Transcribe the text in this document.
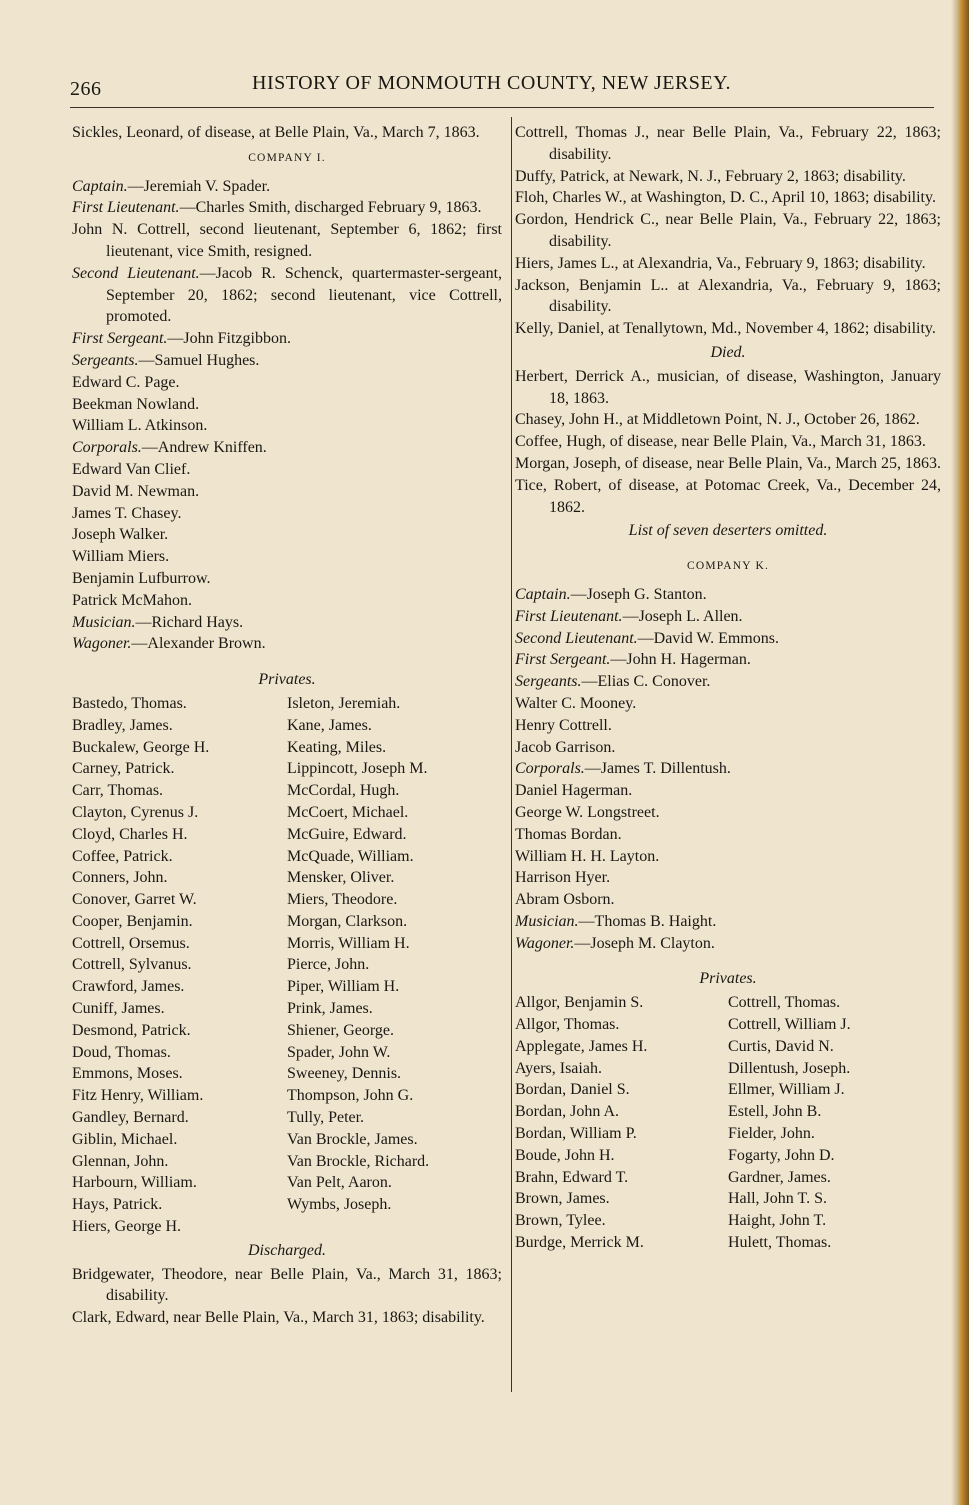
266	HISTORY OF MONMOUTH COUNTY, NEW JERSEY.

Sickles, Leonard, of disease, at Belle Plain, Va., March 7, 1863.

COMPANY I.

Captain.—Jeremiah V. Spader.

First Lieutenant.—Charles Smith, discharged February 9, 1863.

John N. Cottrell, second lieutenant, September 6, 1862; first lieutenant, vice Smith, resigned.

Second Lieutenant.—Jacob R. Schenck, quartermaster-sergeant, September 20, 1862; second lieutenant, vice Cottrell, promoted.

First Sergeant.—John Fitzgibbon.

Sergeants.—Samuel Hughes.

Edward C. Page.

Beekman Nowland.

William L. Atkinson.

Corporals.—Andrew Kniffen.

Edward Van Clief.

David M. Newman.

James T. Chasey.

Joseph Walker.

William Miers.

Benjamin Lufburrow.

Patrick McMahon.

Musician.—Richard Hays.

Wagoner.—Alexander Brown.

Privates.

Bastedo, Thomas.
Bradley, James.
Buckalew, George H.
Carney, Patrick.
Carr, Thomas.
Clayton, Cyrenus J.
Cloyd, Charles H.
Coffee, Patrick.
Conners, John.
Conover, Garret W.
Cooper, Benjamin.
Cottrell, Orsemus.
Cottrell, Sylvanus.
Crawford, James.
Cuniff, James.
Desmond, Patrick.
Doud, Thomas.
Emmons, Moses.
Fitz Henry, William.
Gandley, Bernard.
Giblin, Michael.
Glennan, John.
Harbourn, William.
Hays, Patrick.
Hiers, George H.
Isleton, Jeremiah.
Kane, James.
Keating, Miles.
Lippincott, Joseph M.
McCordal, Hugh.
McCoert, Michael.
McGuire, Edward.
McQuade, William.
Mensker, Oliver.
Miers, Theodore.
Morgan, Clarkson.
Morris, William H.
Pierce, John.
Piper, William H.
Prink, James.
Shiener, George.
Spader, John W.
Sweeney, Dennis.
Thompson, John G.
Tully, Peter.
Van Brockle, James.
Van Brockle, Richard.
Van Pelt, Aaron.
Wymbs, Joseph.

Discharged.

Bridgewater, Theodore, near Belle Plain, Va., March 31, 1863; disability.
Clark, Edward, near Belle Plain, Va., March 31, 1863; disability.
Cottrell, Thomas J., near Belle Plain, Va., February 22, 1863; disability.
Duffy, Patrick, at Newark, N. J., February 2, 1863; disability.
Floh, Charles W., at Washington, D. C., April 10, 1863; disability.
Gordon, Hendrick C., near Belle Plain, Va., February 22, 1863; disability.
Hiers, James L., at Alexandria, Va., February 9, 1863; disability.
Jackson, Benjamin L.. at Alexandria, Va., February 9, 1863; disability.
Kelly, Daniel, at Tenallytown, Md., November 4, 1862; disability.

Died.

Herbert, Derrick A., musician, of disease, Washington, January 18, 1863.
Chasey, John H., at Middletown Point, N. J., October 26, 1862.
Coffee, Hugh, of disease, near Belle Plain, Va., March 31, 1863.
Morgan, Joseph, of disease, near Belle Plain, Va., March 25, 1863.
Tice, Robert, of disease, at Potomac Creek, Va., December 24, 1862.

List of seven deserters omitted.

COMPANY K.

Captain.—Joseph G. Stanton.

First Lieutenant.—Joseph L. Allen.

Second Lieutenant.—David W. Emmons.

First Sergeant.—John H. Hagerman.

Sergeants.—Elias C. Conover.

Walter C. Mooney.

Henry Cottrell.

Jacob Garrison.

Corporals.—James T. Dillentush.

Daniel Hagerman.

George W. Longstreet.

Thomas Bordan.

William H. H. Layton.

Harrison Hyer.

Abram Osborn.

Musician.—Thomas B. Haight.

Wagoner.—Joseph M. Clayton.

Privates.

Allgor, Benjamin S.
Allgor, Thomas.
Applegate, James H.
Ayers, Isaiah.
Bordan, Daniel S.
Bordan, John A.
Bordan, William P.
Boude, John H.
Brahn, Edward T.
Brown, James.
Brown, Tylee.
Burdge, Merrick M.
Cottrell, Thomas.
Cottrell, William J.
Curtis, David N.
Dillentush, Joseph.
Ellmer, William J.
Estell, John B.
Fielder, John.
Fogarty, John D.
Gardner, James.
Hall, John T. S.
Haight, John T.
Hulett, Thomas.
